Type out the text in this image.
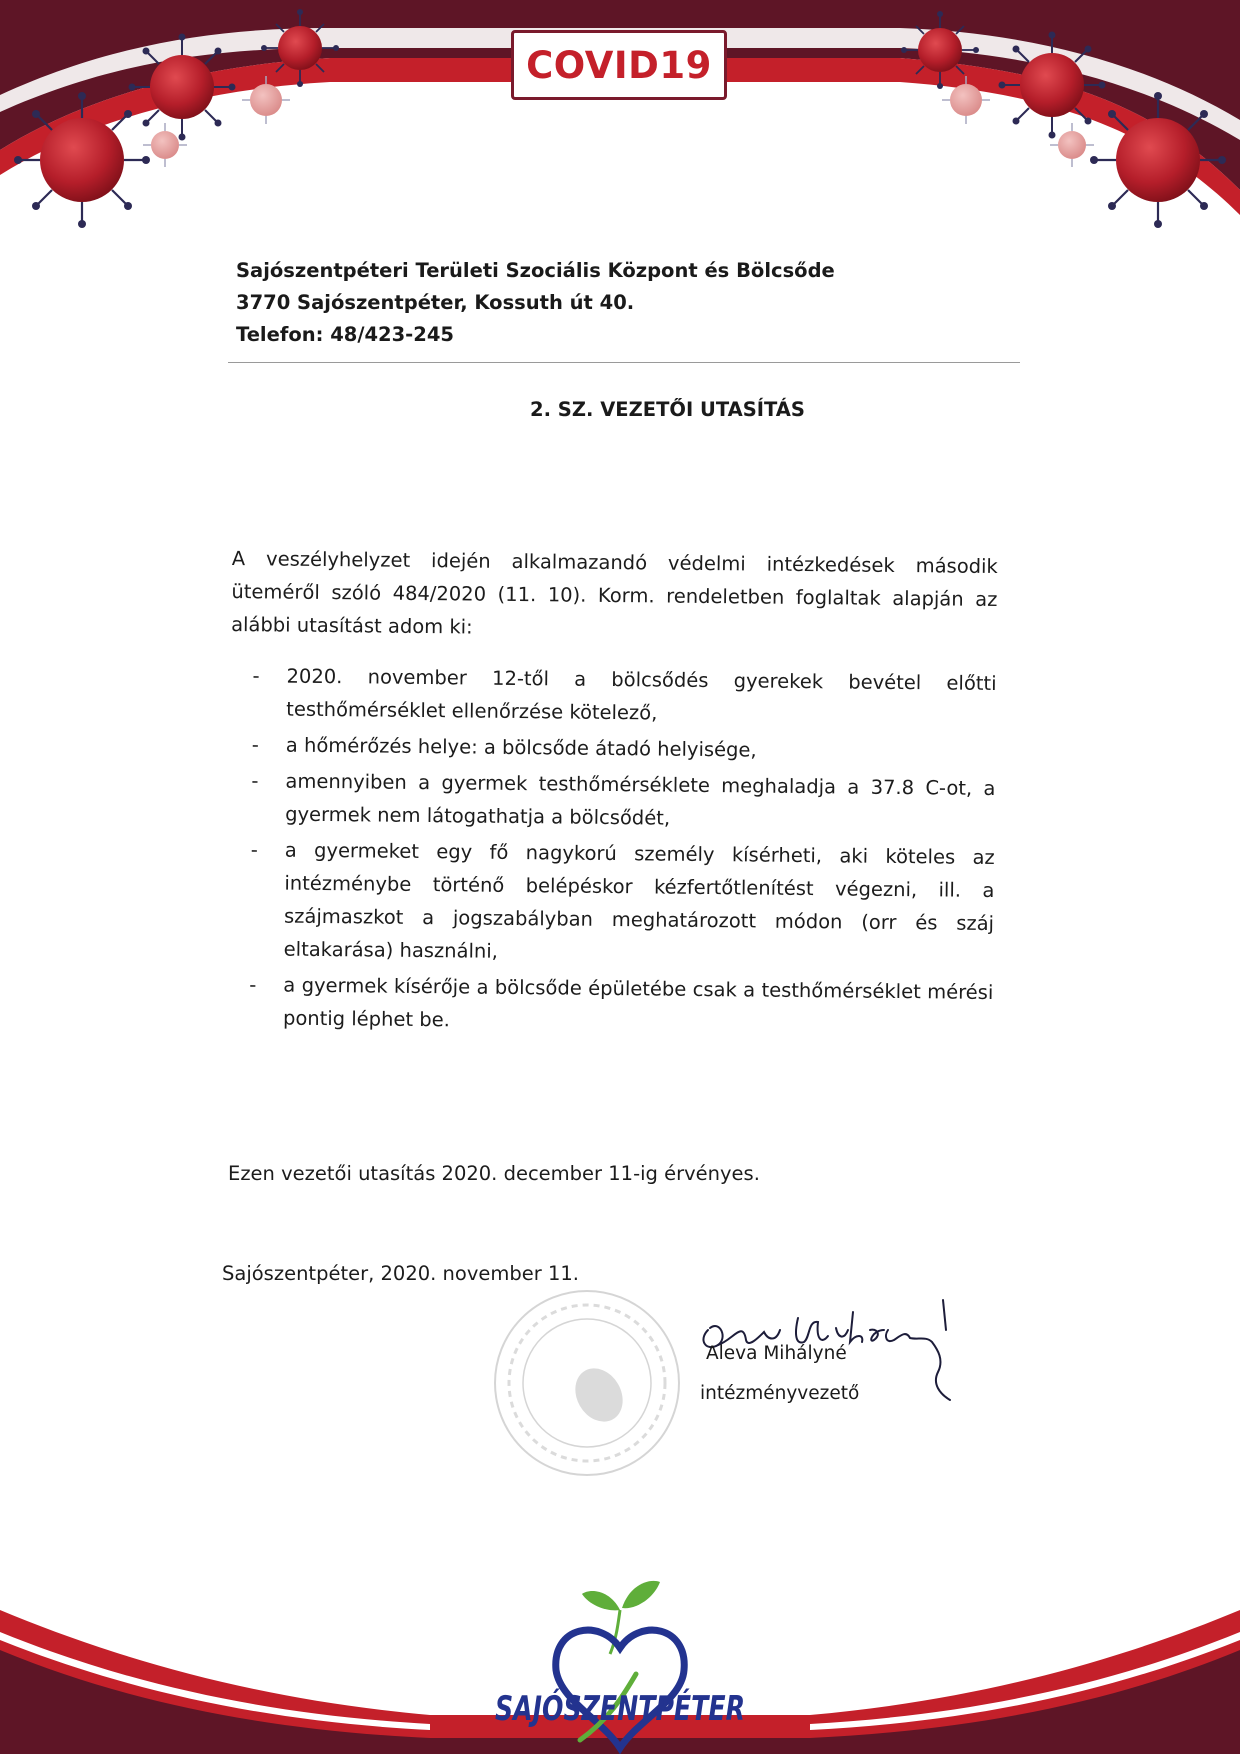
COVID19

Sajószentpéteri Területi Szociális Központ és Bölcsőde

3770 Sajószentpéter, Kossuth út 40.

Telefon: 48/423-245

2. SZ. VEZETŐI UTASÍTÁS

A veszélyhelyzet idején alkalmazandó védelmi intézkedések második üteméről szóló 484/2020 (11. 10). Korm. rendeletben foglaltak alapján az alábbi utasítást adom ki:

- 2020. november 12-től a bölcsődés gyerekek bevétel előtti testhőmérséklet ellenőrzése kötelező,
- a hőmérőzés helye: a bölcsőde átadó helyisége,
- amennyiben a gyermek testhőmérséklete meghaladja a 37.8 C-ot, a gyermek nem látogathatja a bölcsődét,
- a gyermeket egy fő nagykorú személy kísérheti, aki köteles az intézménybe történő belépéskor kézfertőtlenítést végezni, ill. a szájmaszkot a jogszabályban meghatározott módon (orr és száj eltakarása) használni,
- a gyermek kísérője a bölcsőde épületébe csak a testhőmérséklet mérési pontig léphet be.
Ezen vezetői utasítás 2020. december 11-ig érvényes.
Sajószentpéter, 2020. november 11.
Aleva Mihályné
intézményvezető
SAJÓSZENTPÉTER
